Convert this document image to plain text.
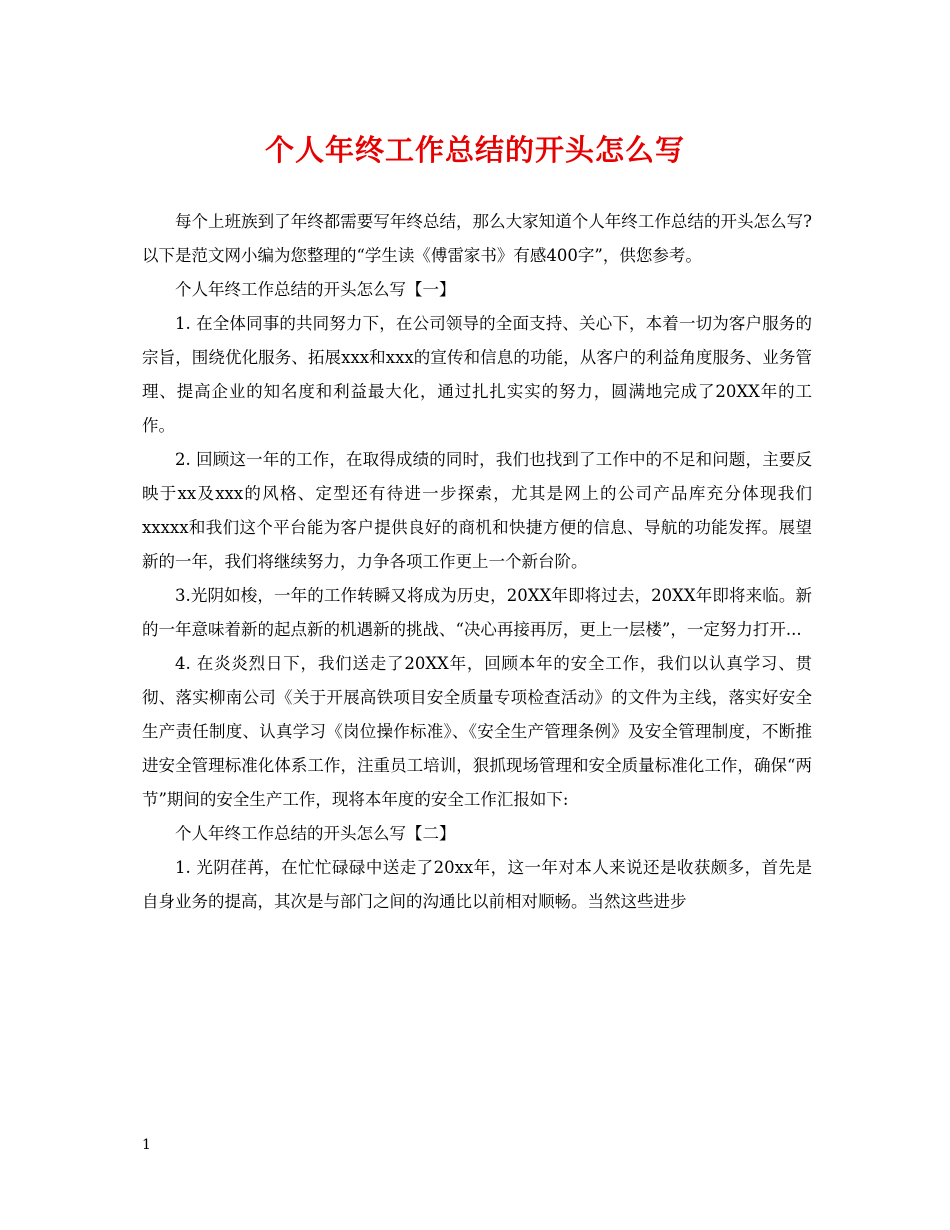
个人年终工作总结的开头怎么写

每个上班族到了年终都需要写年终总结，那么大家知道个人年终工作总结的开头怎么写?以下是范文网小编为您整理的“学生读《傅雷家书》有感400字”，供您参考。

个人年终工作总结的开头怎么写【一】

1. 在全体同事的共同努力下，在公司领导的全面支持、关心下，本着一切为客户服务的宗旨，围绕优化服务、拓展xxx和xxx的宣传和信息的功能，从客户的利益角度服务、业务管理、提高企业的知名度和利益最大化，通过扎扎实实的努力，圆满地完成了20XX年的工作。

2. 回顾这一年的工作，在取得成绩的同时，我们也找到了工作中的不足和问题，主要反映于xx及xxx的风格、定型还有待进一步探索，尤其是网上的公司产品库充分体现我们xxxxx和我们这个平台能为客户提供良好的商机和快捷方便的信息、导航的功能发挥。展望新的一年，我们将继续努力，力争各项工作更上一个新台阶。

3.光阴如梭，一年的工作转瞬又将成为历史，20XX年即将过去，20XX年即将来临。新的一年意味着新的起点新的机遇新的挑战、“决心再接再厉，更上一层楼”，一定努力打开...

4. 在炎炎烈日下，我们送走了20XX年，回顾本年的安全工作，我们以认真学习、贯彻、落实柳南公司《关于开展高铁项目安全质量专项检查活动》的文件为主线，落实好安全生产责任制度、认真学习《岗位操作标准》、《安全生产管理条例》及安全管理制度，不断推进安全管理标准化体系工作，注重员工培训，狠抓现场管理和安全质量标准化工作，确保“两节”期间的安全生产工作，现将本年度的安全工作汇报如下:

个人年终工作总结的开头怎么写【二】

1. 光阴荏苒，在忙忙碌碌中送走了20xx年，这一年对本人来说还是收获颇多，首先是自身业务的提高，其次是与部门之间的沟通比以前相对顺畅。当然这些进步

1
